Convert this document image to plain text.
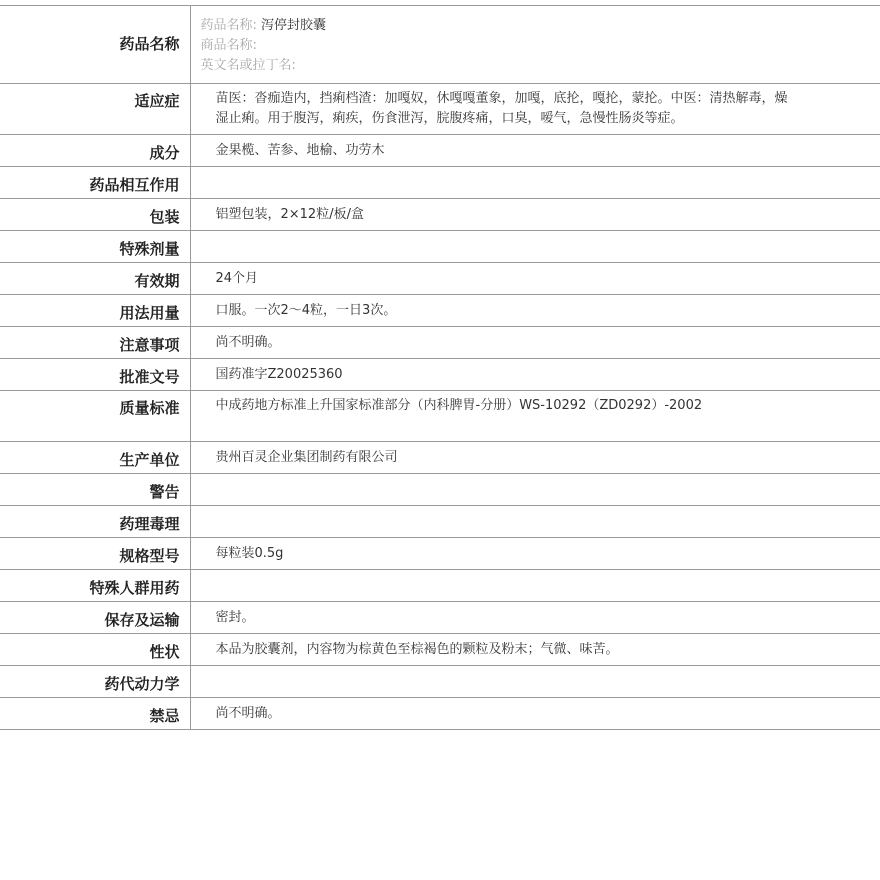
药品名称	药品名称: 泻停封胶囊
商品名称:
英文名或拉丁名:

适应症	苗医：沓痂造内，挡痢档渣：加嘎奴，休嘎嘎董象，加嘎，底抡，嘎抡，蒙抡。中医：清热解毒，燥湿止痢。用于腹泻，痢疾，伤食泄泻，脘腹疼痛，口臭，嗳气，急慢性肠炎等症。
成分	金果榄、苦参、地榆、功劳木
药品相互作用	
包装	铝塑包装，2×12粒/板/盒
特殊剂量	
有效期	24个月
用法用量	口服。一次2～4粒，一日3次。
注意事项	尚不明确。
批准文号	国药准字Z20025360
质量标准	中成药地方标准上升国家标准部分（内科脾胃-分册）WS-10292（ZD0292）-2002
生产单位	贵州百灵企业集团制药有限公司
警告	
药理毒理	
规格型号	每粒装0.5g
特殊人群用药	
保存及运输	密封。
性状	本品为胶囊剂，内容物为棕黄色至棕褐色的颗粒及粉末；气微、味苦。
药代动力学	
禁忌	尚不明确。
